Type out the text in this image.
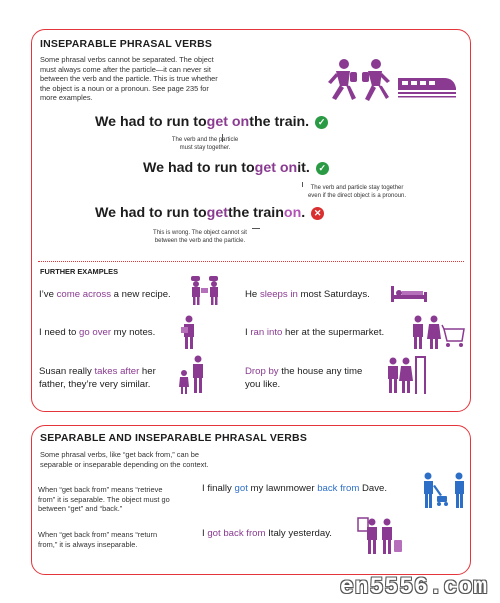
INSEPARABLE PHRASAL VERBS
Some phrasal verbs cannot be separated. The object
must always come after the particle—it can never sit
between the verb and the particle. This is true whether
the object is a noun or a pronoun. See page 235 for
more examples.
We had to run to get on the train. ✓
The verb and the particle
must stay together.
We had to run to get on it. ✓
The verb and particle stay together
even if the direct object is a pronoun.
We had to run to get the train on . ✕
This is wrong. The object cannot sit
between the verb and the particle.
FURTHER EXAMPLES
I’ve come across a new recipe.	He sleeps in most Saturdays.
I need to go over my notes.	I ran into her at the supermarket.
Susan really takes after her
father, they’re very similar.
Drop by the house any time
you like.
SEPARABLE AND INSEPARABLE PHRASAL VERBS
Some phrasal verbs, like “get back from,” can be
separable or inseparable depending on the context.
When “get back from” means “retrieve
from” it is separable. The object must go
between “get” and “back.”
I finally got my lawnmower back from Dave.
When “get back from” means “return
from,” it is always inseparable.
I got back from Italy yesterday.
en5556.com
